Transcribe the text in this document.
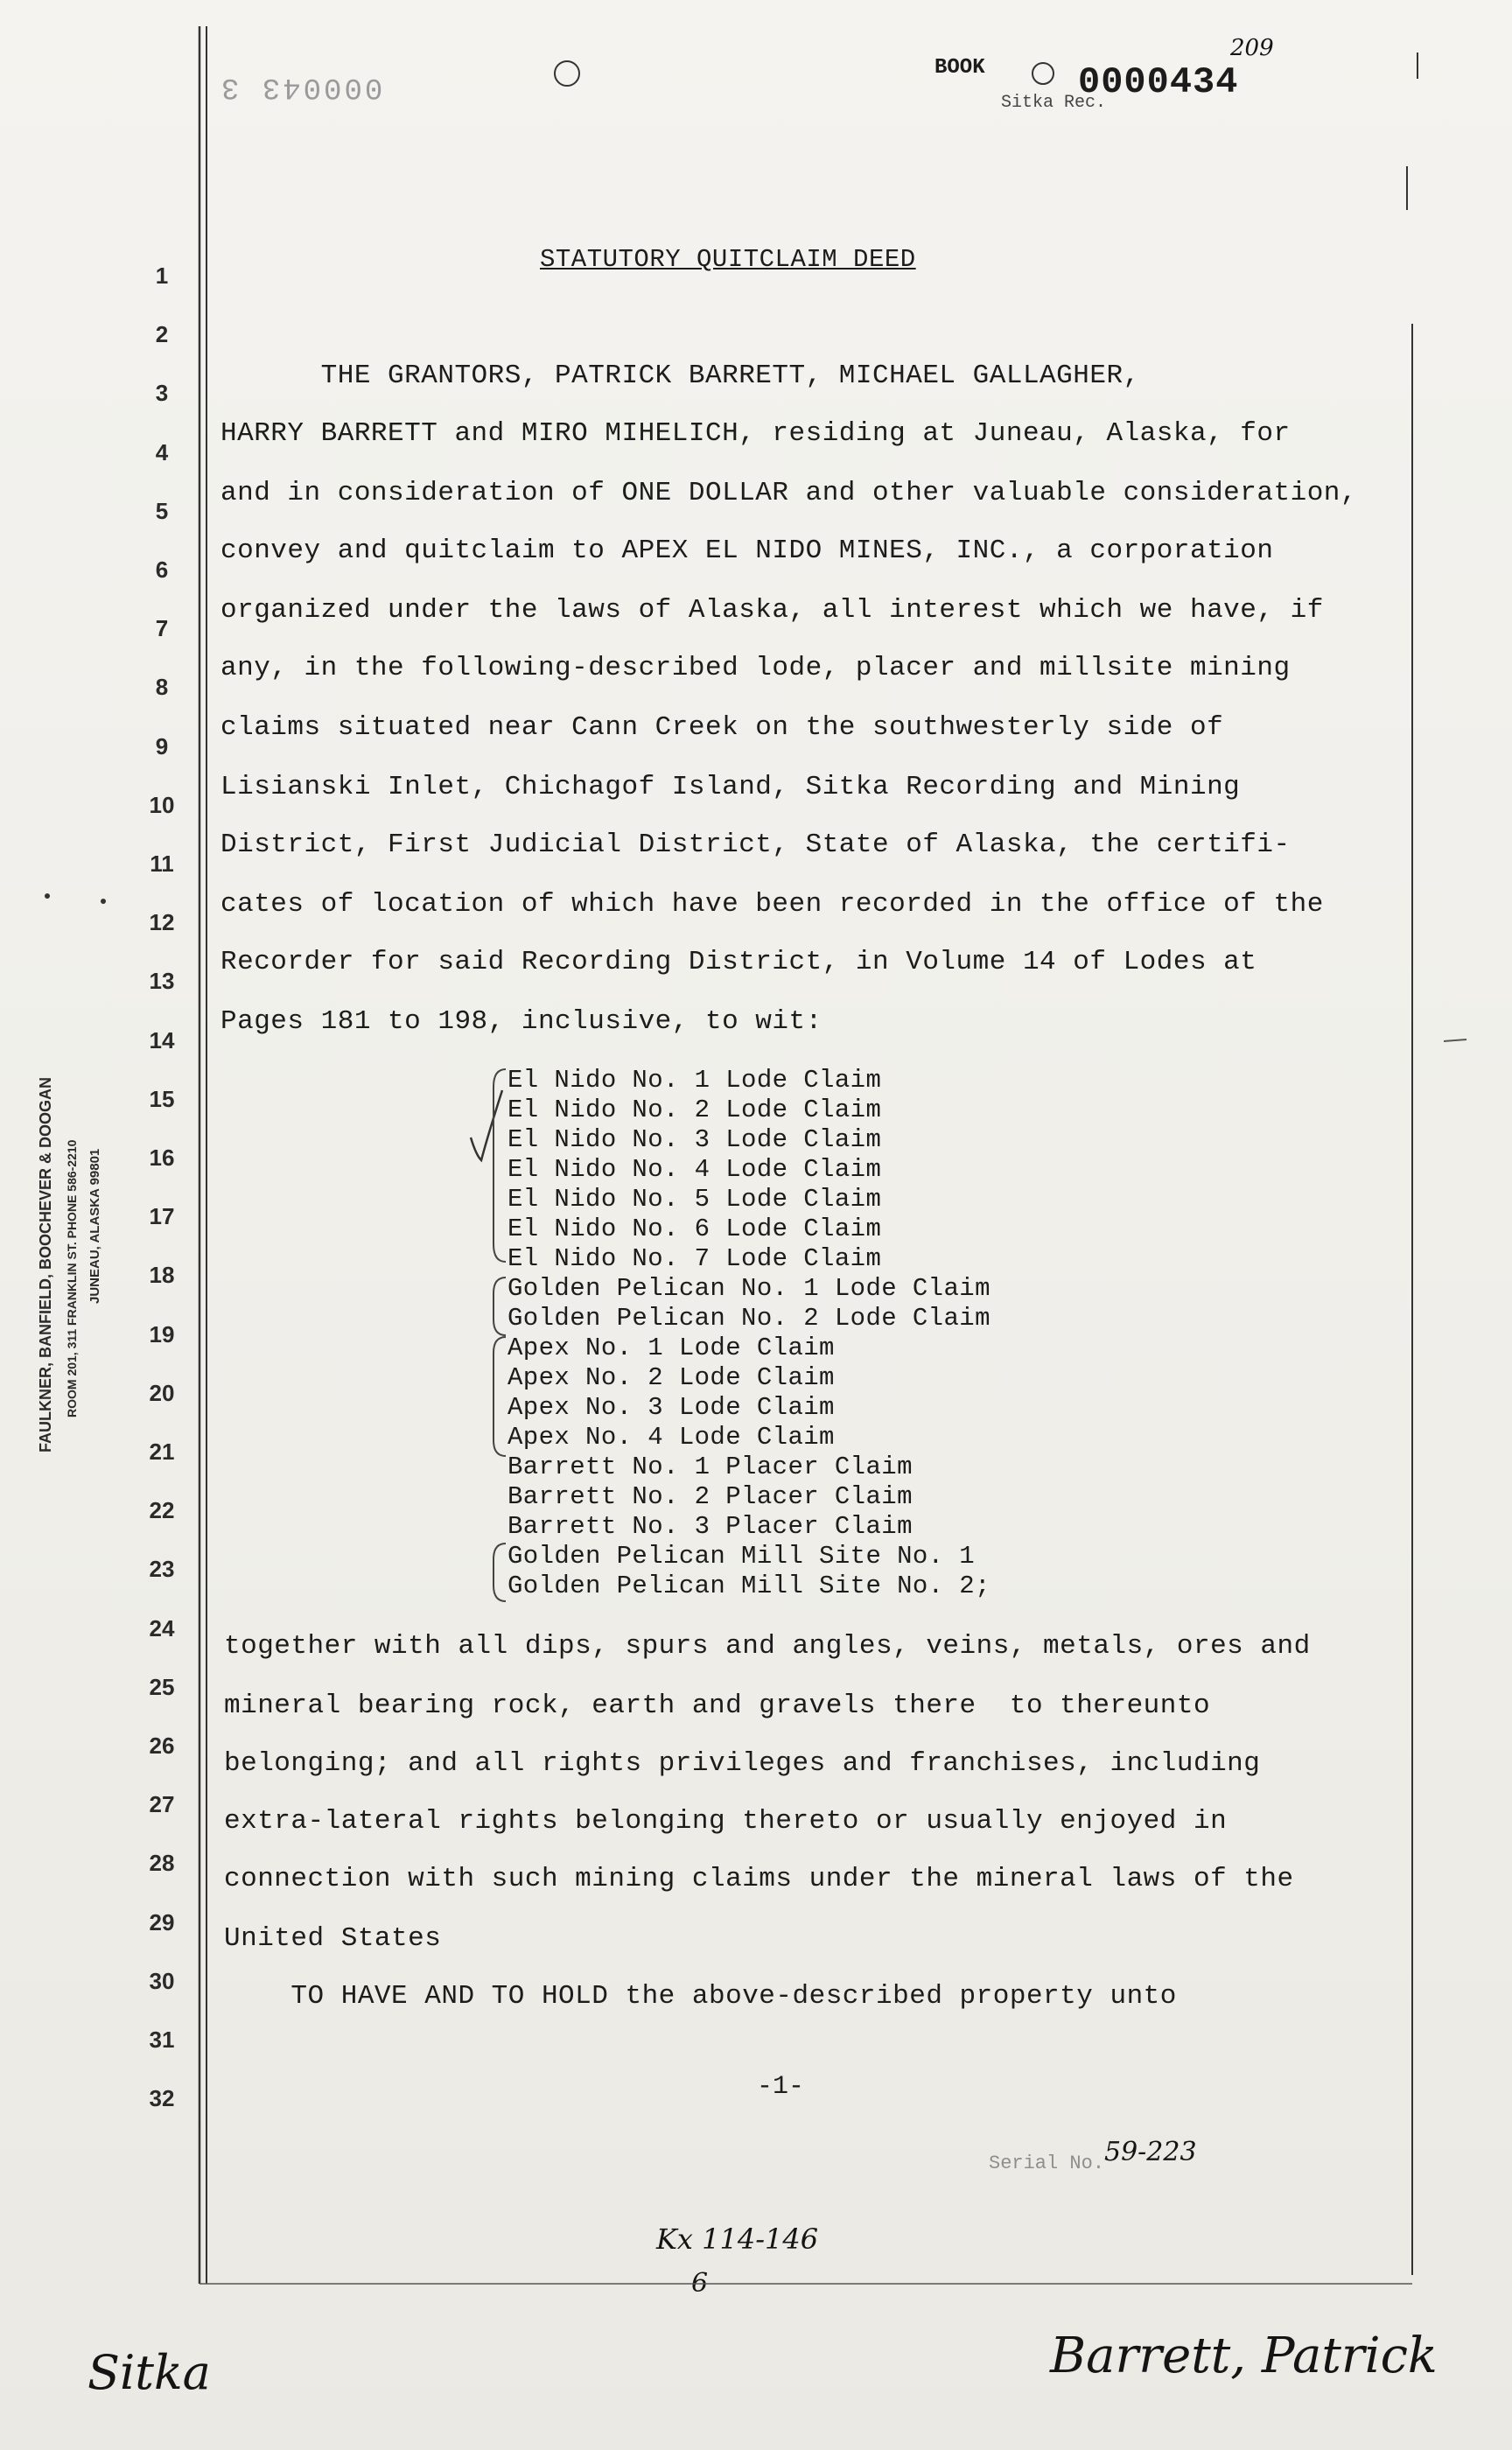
000043 3
BOOK	0000434
209
Sitka Rec.
STATUTORY QUITCLAIM DEED
1
2
3
4
5
6
7
8
9
10
11
12
13
14
15
16
17
18
19
20
21
22
23
24
25
26
27
28
29
30
31
32
THE GRANTORS, PATRICK BARRETT, MICHAEL GALLAGHER,
HARRY BARRETT and MIRO MIHELICH, residing at Juneau, Alaska, for
and in consideration of ONE DOLLAR and other valuable consideration,
convey and quitclaim to APEX EL NIDO MINES, INC., a corporation
organized under the laws of Alaska, all interest which we have, if
any, in the following-described lode, placer and millsite mining
claims situated near Cann Creek on the southwesterly side of
Lisianski Inlet, Chichagof Island, Sitka Recording and Mining
District, First Judicial District, State of Alaska, the certifi-
cates of location of which have been recorded in the office of the
Recorder for said Recording District, in Volume 14 of Lodes at
Pages 181 to 198, inclusive, to wit:
El Nido No. 1 Lode Claim
El Nido No. 2 Lode Claim
El Nido No. 3 Lode Claim
El Nido No. 4 Lode Claim
El Nido No. 5 Lode Claim
El Nido No. 6 Lode Claim
El Nido No. 7 Lode Claim
Golden Pelican No. 1 Lode Claim
Golden Pelican No. 2 Lode Claim
Apex No. 1 Lode Claim
Apex No. 2 Lode Claim
Apex No. 3 Lode Claim
Apex No. 4 Lode Claim
Barrett No. 1 Placer Claim
Barrett No. 2 Placer Claim
Barrett No. 3 Placer Claim
Golden Pelican Mill Site No. 1
Golden Pelican Mill Site No. 2;
together with all dips, spurs and angles, veins, metals, ores and
mineral bearing rock, earth and gravels there  to thereunto
belonging; and all rights privileges and franchises, including
extra-lateral rights belonging thereto or usually enjoyed in
connection with such mining claims under the mineral laws of the
United States
TO HAVE AND TO HOLD the above-described property unto
-1-
Serial No. 59-223
FAULKNER, BANFIELD, BOOCHEVER & DOOGAN ROOM 201, 311 FRANKLIN ST. PHONE 586-2210 JUNEAU, ALASKA 99801
Kx 114-146
6
Sitka	Barrett, Patrick
